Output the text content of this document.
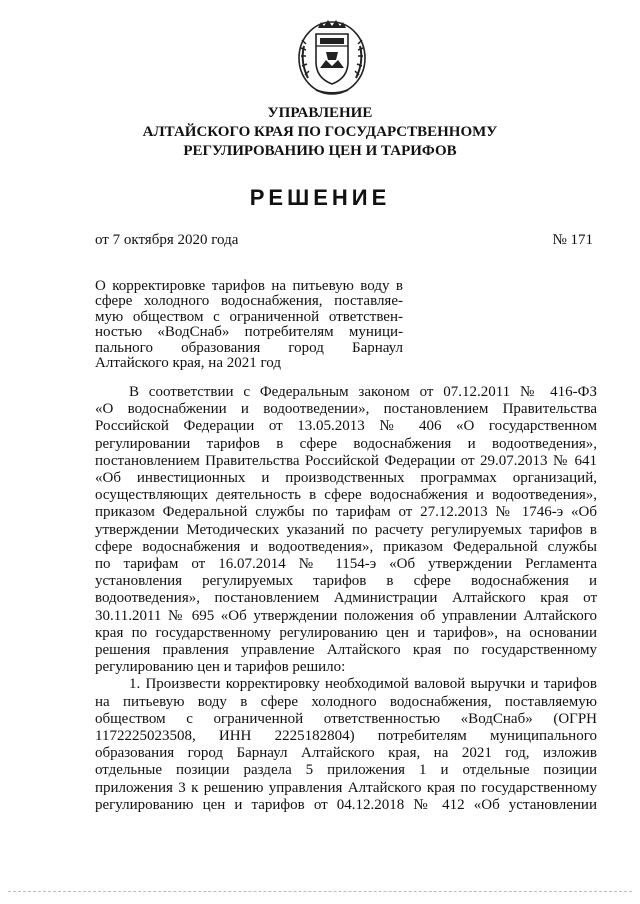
УПРАВЛЕНИЕ
АЛТАЙСКОГО КРАЯ ПО ГОСУДАРСТВЕННОМУ
РЕГУЛИРОВАНИЮ ЦЕН И ТАРИФОВ
РЕШЕНИЕ
от 7 октября 2020 года	№ 171
О корректировке тарифов на питьевую воду в
сфере холодного водоснабжения, поставляе-
мую обществом с ограниченной ответствен-
ностью «ВодСнаб» потребителям муници-
пального образования город Барнаул
Алтайского края, на 2021 год
В соответствии с Федеральным законом от 07.12.2011 № 416-ФЗ
«О водоснабжении и водоотведении», постановлением Правительства
Российской Федерации от 13.05.2013 № 406 «О государственном
регулировании тарифов в сфере водоснабжения и водоотведения»,
постановлением Правительства Российской Федерации от 29.07.2013 № 641
«Об инвестиционных и производственных программах организаций,
осуществляющих деятельность в сфере водоснабжения и водоотведения»,
приказом Федеральной службы по тарифам от 27.12.2013 № 1746-э «Об
утверждении Методических указаний по расчету регулируемых тарифов в
сфере водоснабжения и водоотведения», приказом Федеральной службы
по тарифам от 16.07.2014 № 1154-э «Об утверждении Регламента
установления регулируемых тарифов в сфере водоснабжения и
водоотведения», постановлением Администрации Алтайского края от
30.11.2011 № 695 «Об утверждении положения об управлении Алтайского
края по государственному регулированию цен и тарифов», на основании
решения правления управление Алтайского края по государственному
регулированию цен и тарифов решило:
1. Произвести корректировку необходимой валовой выручки и тарифов
на питьевую воду в сфере холодного водоснабжения, поставляемую
обществом с ограниченной ответственностью «ВодСнаб» (ОГРН
1172225023508, ИНН 2225182804) потребителям муниципального
образования город Барнаул Алтайского края, на 2021 год, изложив
отдельные позиции раздела 5 приложения 1 и отдельные позиции
приложения 3 к решению управления Алтайского края по государственному
регулированию цен и тарифов от 04.12.2018 № 412 «Об установлении
